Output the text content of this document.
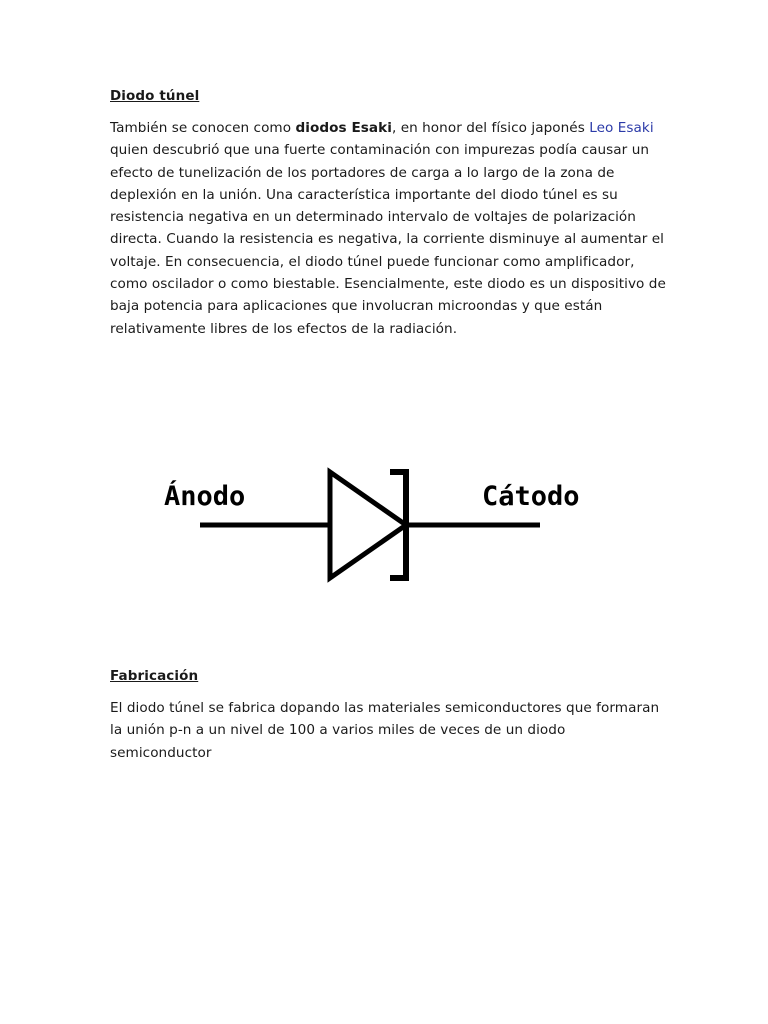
Diodo túnel

También se conocen como diodos Esaki, en honor del físico japonés Leo Esaki quien descubrió que una fuerte contaminación con impurezas podía causar un efecto de tunelización de los portadores de carga a lo largo de la zona de deplexión en la unión. Una característica importante del diodo túnel es su resistencia negativa en un determinado intervalo de voltajes de polarización directa. Cuando la resistencia es negativa, la corriente disminuye al aumentar el voltaje. En consecuencia, el diodo túnel puede funcionar como amplificador, como oscilador o como biestable. Esencialmente, este diodo es un dispositivo de baja potencia para aplicaciones que involucran microondas y que están relativamente libres de los efectos de la radiación.

Ánodo	Cátodo
Fabricación

El diodo túnel se fabrica dopando las materiales semiconductores que formaran la unión p-n a un nivel de 100 a varios miles de veces de un diodo semiconductor
